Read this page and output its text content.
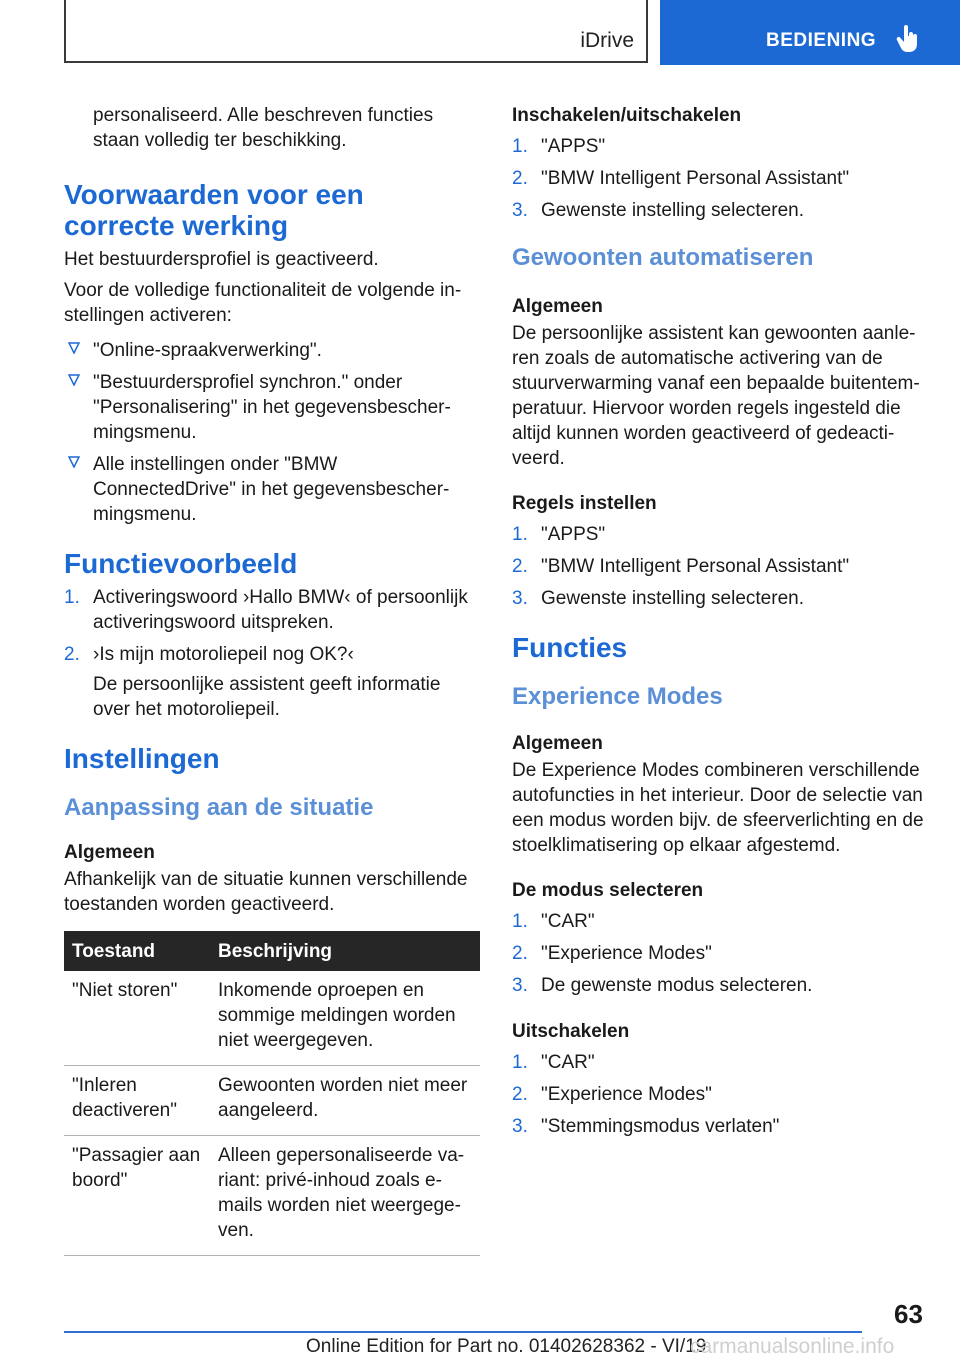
iDrive	BEDIENING

personaliseerd. Alle beschreven functies staan volledig ter beschikking.

Voorwaarden voor een correcte werking

Het bestuurdersprofiel is geactiveerd.

Voor de volledige functionaliteit de volgende in-stellingen activeren:

"Online-spraakverwerking".
"Bestuurdersprofiel synchron." onder "Personalisering" in het gegevensbescher-mingsmenu.
Alle instellingen onder "BMW ConnectedDrive" in het gegevensbescher-mingsmenu.
Functievoorbeeld
1. Activeringswoord ›Hallo BMW‹ of persoonlijk activeringswoord uitspreken.
2. ›Is mijn motoroliepeil nog OK?‹
De persoonlijke assistent geeft informatie over het motoroliepeil.
Instellingen
Aanpassing aan de situatie
Algemeen

Afhankelijk van de situatie kunnen verschillende toestanden worden geactiveerd.

Toestand	Beschrijving
"Niet storen"	Inkomende oproepen en sommige meldingen worden niet weergegeven.
"Inleren deactiveren"	Gewoonten worden niet meer aangeleerd.
"Passagier aan boord"	Alleen gepersonaliseerde va-riant: privé-inhoud zoals e-mails worden niet weergege-ven.
Inschakelen/uitschakelen
1. "APPS"
2. "BMW Intelligent Personal Assistant"
3. Gewenste instelling selecteren.
Gewoonten automatiseren
Algemeen

De persoonlijke assistent kan gewoonten aanle-ren zoals de automatische activering van de stuurverwarming vanaf een bepaalde buitentem-peratuur. Hiervoor worden regels ingesteld die altijd kunnen worden geactiveerd of gedeacti-veerd.

Regels instellen
1. "APPS"
2. "BMW Intelligent Personal Assistant"
3. Gewenste instelling selecteren.
Functies
Experience Modes
Algemeen

De Experience Modes combineren verschillende autofuncties in het interieur. Door de selectie van een modus worden bijv. de sfeerverlichting en de stoelklimatisering op elkaar afgestemd.

De modus selecteren
1. "CAR"
2. "Experience Modes"
3. De gewenste modus selecteren.
Uitschakelen
1. "CAR"
2. "Experience Modes"
3. "Stemmingsmodus verlaten"
63
Online Edition for Part no. 01402628362 - VI/19
carmanualsonline.info
